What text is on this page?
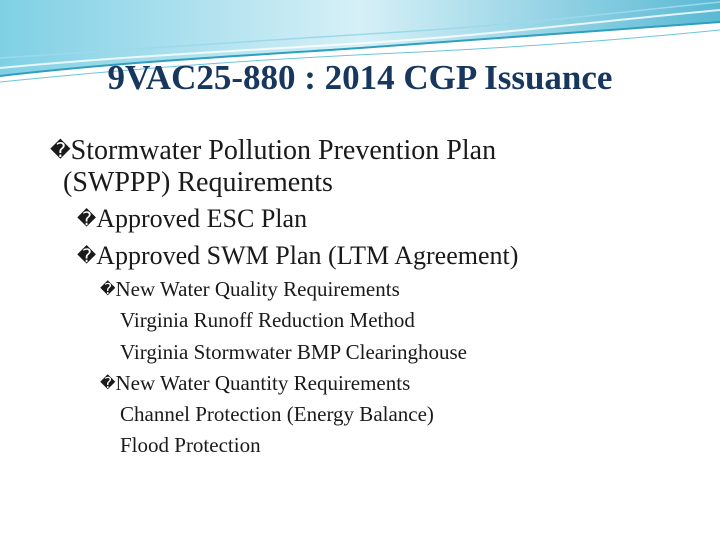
9VAC25-880 : 2014 CGP Issuance
�Stormwater Pollution Prevention Plan
(SWPPP) Requirements
�Approved ESC Plan
�Approved SWM Plan (LTM Agreement)
�New Water Quality Requirements
Virginia Runoff Reduction Method
Virginia Stormwater BMP Clearinghouse
�New Water Quantity Requirements
Channel Protection (Energy Balance)
Flood Protection
